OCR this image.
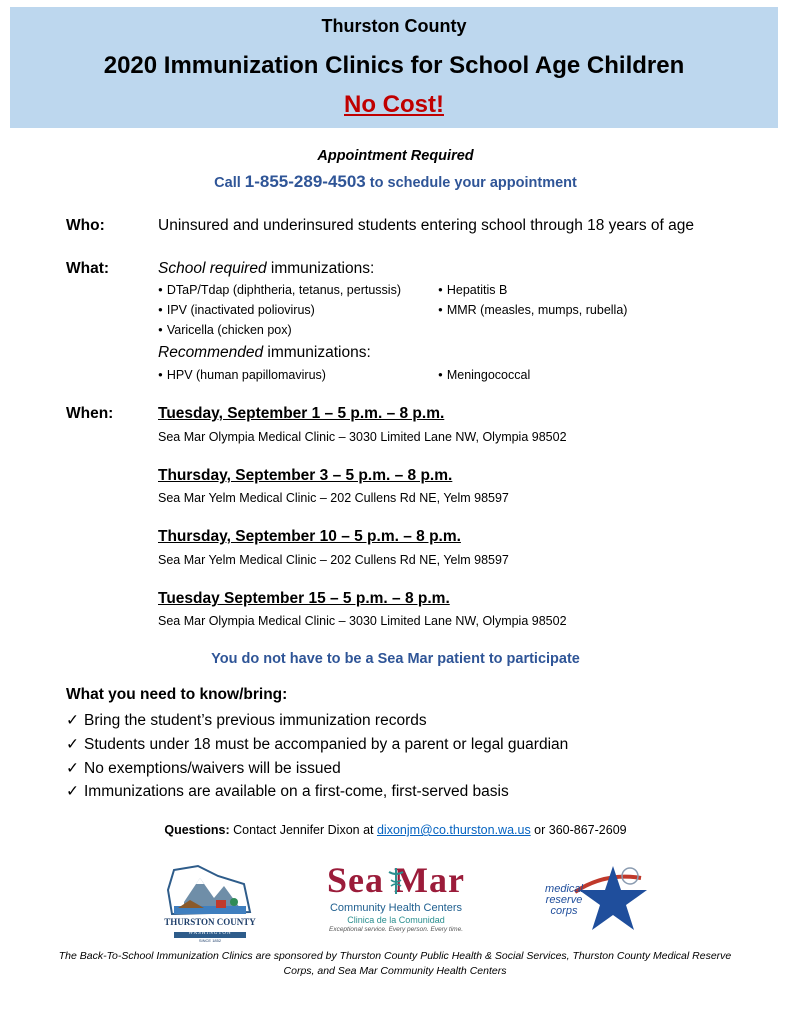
Thurston County
2020 Immunization Clinics for School Age Children
No Cost!
Appointment Required
Call 1-855-289-4503 to schedule your appointment
Who:	Uninsured and underinsured students entering school through 18 years of age
What:	School required immunizations:
● DTaP/Tdap (diphtheria, tetanus, pertussis)
● IPV (inactivated poliovirus)
● Varicella (chicken pox)
● Hepatitis B
● MMR (measles, mumps, rubella)
Recommended immunizations:
● HPV (human papillomavirus)
●	Meningococcal
When:	Tuesday, September 1 – 5 p.m. – 8 p.m.
Sea Mar Olympia Medical Clinic – 3030 Limited Lane NW, Olympia 98502
Thursday, September 3 – 5 p.m. – 8 p.m.
Sea Mar Yelm Medical Clinic – 202 Cullens Rd NE, Yelm 98597
Thursday, September 10 – 5 p.m. – 8 p.m.
Sea Mar Yelm Medical Clinic – 202 Cullens Rd NE, Yelm 98597
Tuesday September 15 – 5 p.m. – 8 p.m.
Sea Mar Olympia Medical Clinic – 3030 Limited Lane NW, Olympia 98502
You do not have to be a Sea Mar patient to participate
What you need to know/bring:
✓ Bring the student’s previous immunization records
✓ Students under 18 must be accompanied by a parent or legal guardian
✓ No exemptions/waivers will be issued
✓ Immunizations are available on a first-come, first-served basis
Questions: Contact Jennifer Dixon at dixonjm@co.thurston.wa.us or 360-867-2609
THURSTON COUNTY
WASHINGTON
SINCE 1852
Sea Mar
Community Health Centers
Clinica de la Comunidad
Exceptional service. Every person. Every time.
medical
reserve
corps
The Back-To-School Immunization Clinics are sponsored by Thurston County Public Health & Social Services, Thurston County Medical Reserve Corps, and Sea Mar Community Health Centers
